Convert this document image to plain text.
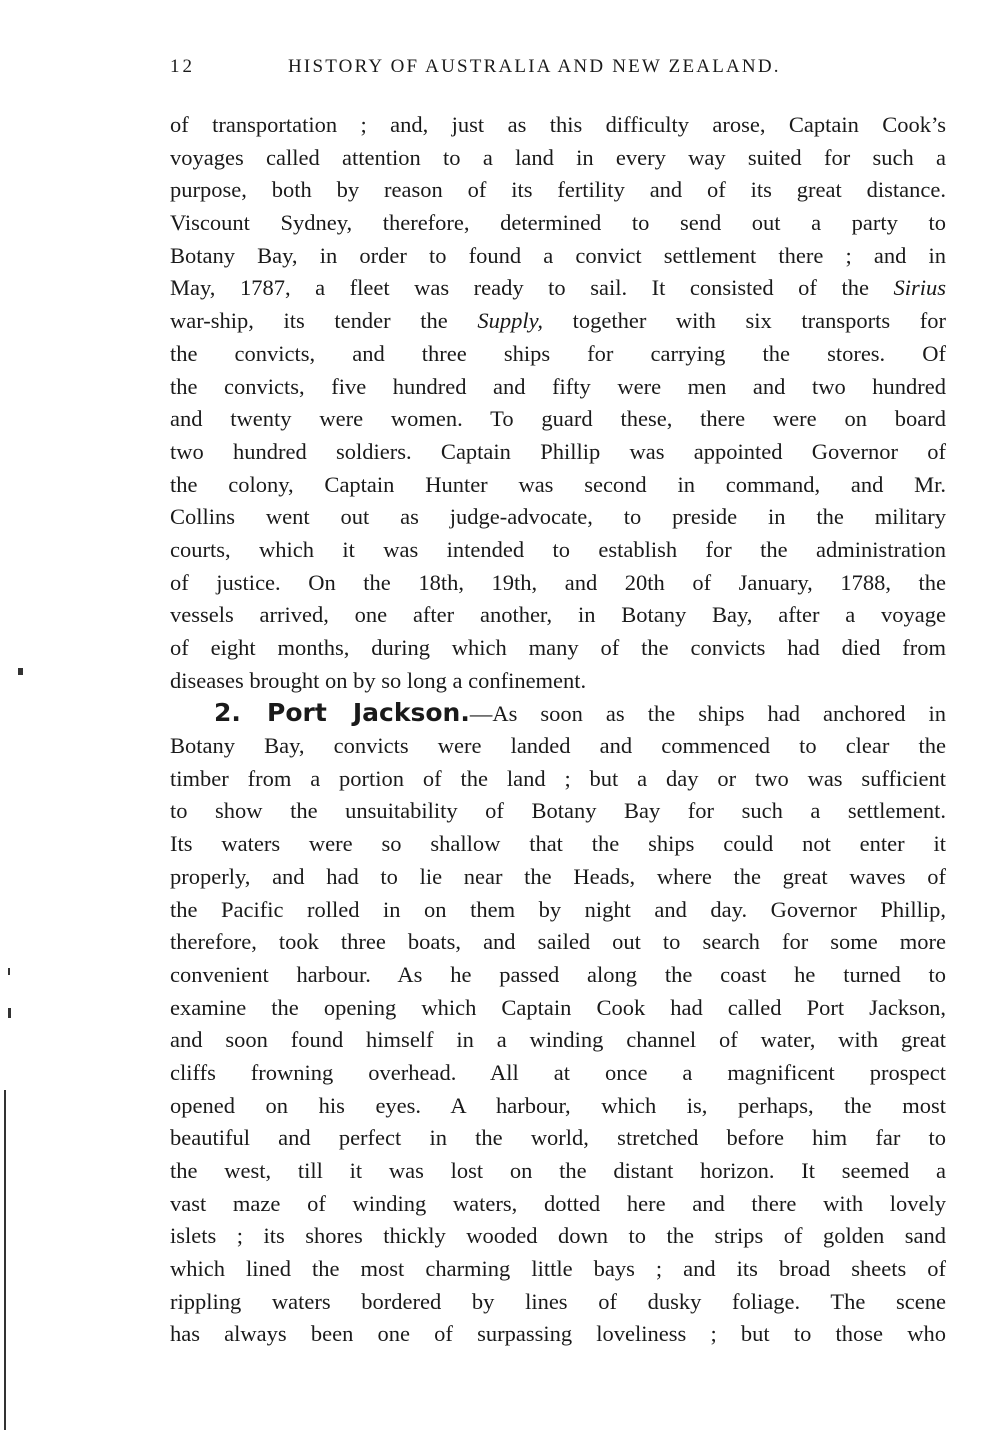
12	HISTORY OF AUSTRALIA AND NEW ZEALAND.
of transportation ; and, just as this difficulty arose, Captain Cook’s
voyages called attention to a land in every way suited for such a
purpose, both by reason of its fertility and of its great distance.
Viscount Sydney, therefore, determined to send out a party to
Botany Bay, in order to found a convict settlement there ; and in
May, 1787, a fleet was ready to sail. It consisted of the Sirius
war-ship, its tender the Supply, together with six transports for
the convicts, and three ships for carrying the stores. Of
the convicts, five hundred and fifty were men and two hundred
and twenty were women. To guard these, there were on board
two hundred soldiers. Captain Phillip was appointed Governor of
the colony, Captain Hunter was second in command, and Mr.
Collins went out as judge-advocate, to preside in the military
courts, which it was intended to establish for the administration
of justice. On the 18th, 19th, and 20th of January, 1788, the
vessels arrived, one after another, in Botany Bay, after a voyage
of eight months, during which many of the convicts had died from
diseases brought on by so long a confinement.
2. Port Jackson.—As soon as the ships had anchored in
Botany Bay, convicts were landed and commenced to clear the
timber from a portion of the land ; but a day or two was sufficient
to show the unsuitability of Botany Bay for such a settlement.
Its waters were so shallow that the ships could not enter it
properly, and had to lie near the Heads, where the great waves of
the Pacific rolled in on them by night and day. Governor Phillip,
therefore, took three boats, and sailed out to search for some more
convenient harbour. As he passed along the coast he turned to
examine the opening which Captain Cook had called Port Jackson,
and soon found himself in a winding channel of water, with great
cliffs frowning overhead. All at once a magnificent prospect
opened on his eyes. A harbour, which is, perhaps, the most
beautiful and perfect in the world, stretched before him far to
the west, till it was lost on the distant horizon. It seemed a
vast maze of winding waters, dotted here and there with lovely
islets ; its shores thickly wooded down to the strips of golden sand
which lined the most charming little bays ; and its broad sheets of
rippling waters bordered by lines of dusky foliage. The scene
has always been one of surpassing loveliness ; but to those who
